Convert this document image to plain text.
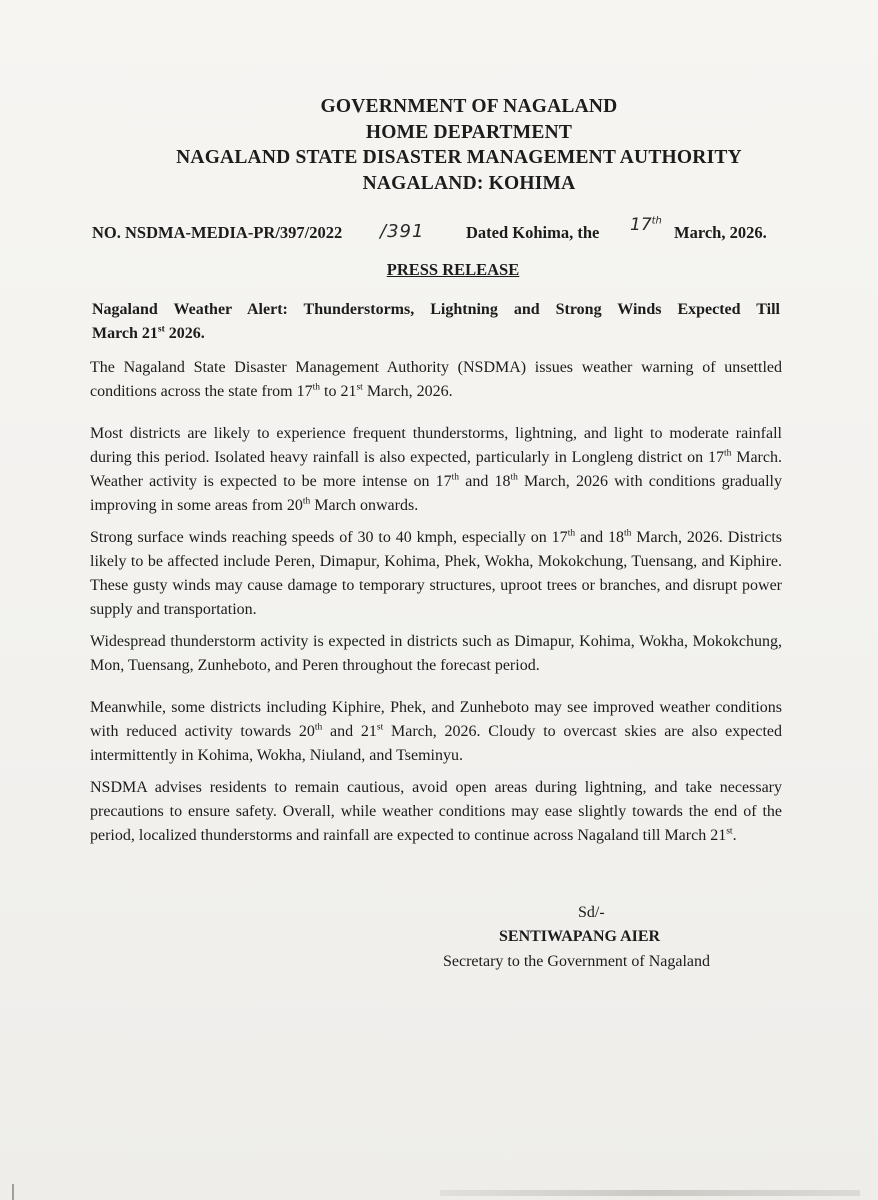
GOVERNMENT OF NAGALAND
HOME DEPARTMENT
NAGALAND STATE DISASTER MANAGEMENT AUTHORITY
NAGALAND: KOHIMA
NO. NSDMA-MEDIA-PR/397/2022 /391	Dated Kohima, the 17th
March, 2026.
PRESS RELEASE
Nagaland Weather Alert: Thunderstorms, Lightning and Strong Winds Expected Till
March 21st 2026.

The Nagaland State Disaster Management Authority (NSDMA) issues weather warning of unsettled conditions across the state from 17th to 21st March, 2026.

Most districts are likely to experience frequent thunderstorms, lightning, and light to moderate rainfall during this period. Isolated heavy rainfall is also expected, particularly in Longleng district on 17th March. Weather activity is expected to be more intense on 17th and 18th March, 2026 with conditions gradually improving in some areas from 20th March onwards.

Strong surface winds reaching speeds of 30 to 40 kmph, especially on 17th and 18th March, 2026. Districts likely to be affected include Peren, Dimapur, Kohima, Phek, Wokha, Mokokchung, Tuensang, and Kiphire. These gusty winds may cause damage to temporary structures, uproot trees or branches, and disrupt power supply and transportation.

Widespread thunderstorm activity is expected in districts such as Dimapur, Kohima, Wokha, Mokokchung, Mon, Tuensang, Zunheboto, and Peren throughout the forecast period.

Meanwhile, some districts including Kiphire, Phek, and Zunheboto may see improved weather conditions with reduced activity towards 20th and 21st March, 2026. Cloudy to overcast skies are also expected intermittently in Kohima, Wokha, Niuland, and Tseminyu.

NSDMA advises residents to remain cautious, avoid open areas during lightning, and take necessary precautions to ensure safety. Overall, while weather conditions may ease slightly towards the end of the period, localized thunderstorms and rainfall are expected to continue across Nagaland till March 21st.

Sd/-
SENTIWAPANG AIER
Secretary to the Government of Nagaland
